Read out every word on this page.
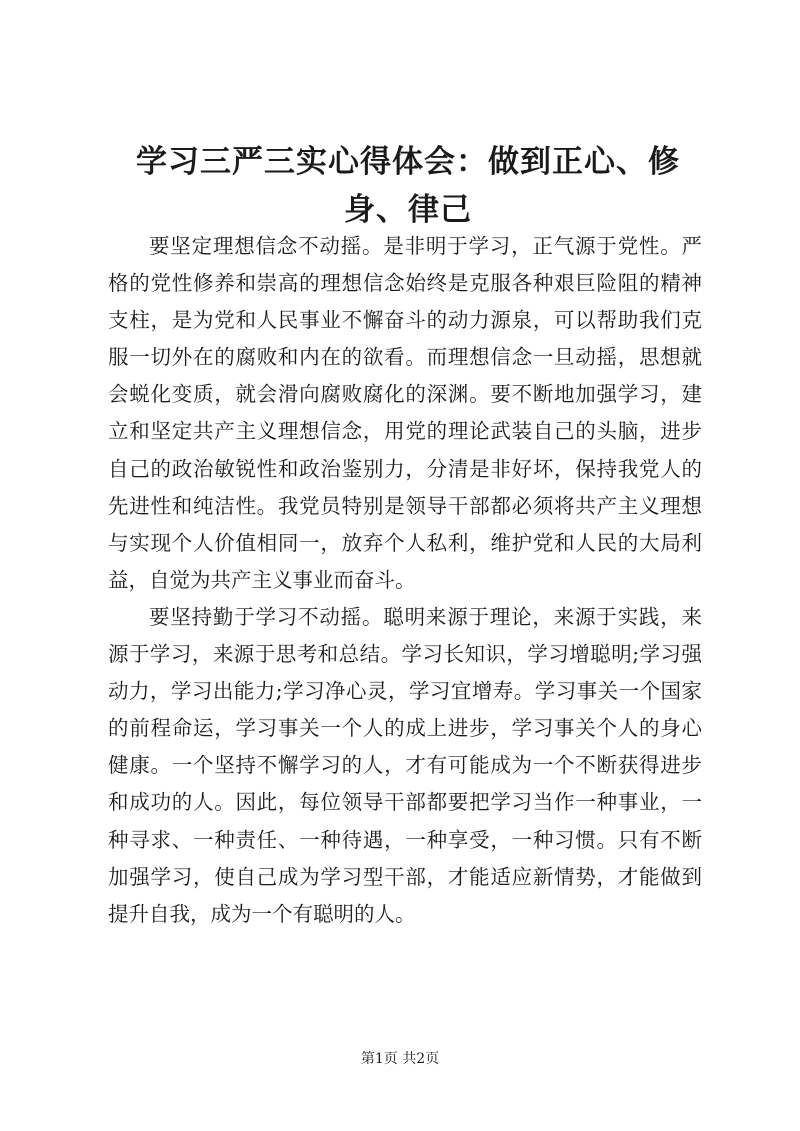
学习三严三实心得体会：做到正心、修身、律己

要坚定理想信念不动摇。是非明于学习，正气源于党性。严格的党性修养和崇高的理想信念始终是克服各种艰巨险阻的精神支柱，是为党和人民事业不懈奋斗的动力源泉，可以帮助我们克服一切外在的腐败和内在的欲看。而理想信念一旦动摇，思想就会蜕化变质，就会滑向腐败腐化的深渊。要不断地加强学习，建立和坚定共产主义理想信念，用党的理论武装自己的头脑，进步自己的政治敏锐性和政治鉴别力，分清是非好坏，保持我党人的先进性和纯洁性。我党员特别是领导干部都必须将共产主义理想与实现个人价值相同一，放弃个人私利，维护党和人民的大局利益，自觉为共产主义事业而奋斗。

要坚持勤于学习不动摇。聪明来源于理论，来源于实践，来源于学习，来源于思考和总结。学习长知识，学习增聪明;学习强动力，学习出能力;学习净心灵，学习宜增寿。学习事关一个国家的前程命运，学习事关一个人的成上进步，学习事关个人的身心健康。一个坚持不懈学习的人，才有可能成为一个不断获得进步和成功的人。因此，每位领导干部都要把学习当作一种事业，一种寻求、一种责任、一种待遇，一种享受，一种习惯。只有不断加强学习，使自己成为学习型干部，才能适应新情势，才能做到提升自我，成为一个有聪明的人。

第1页 共2页
